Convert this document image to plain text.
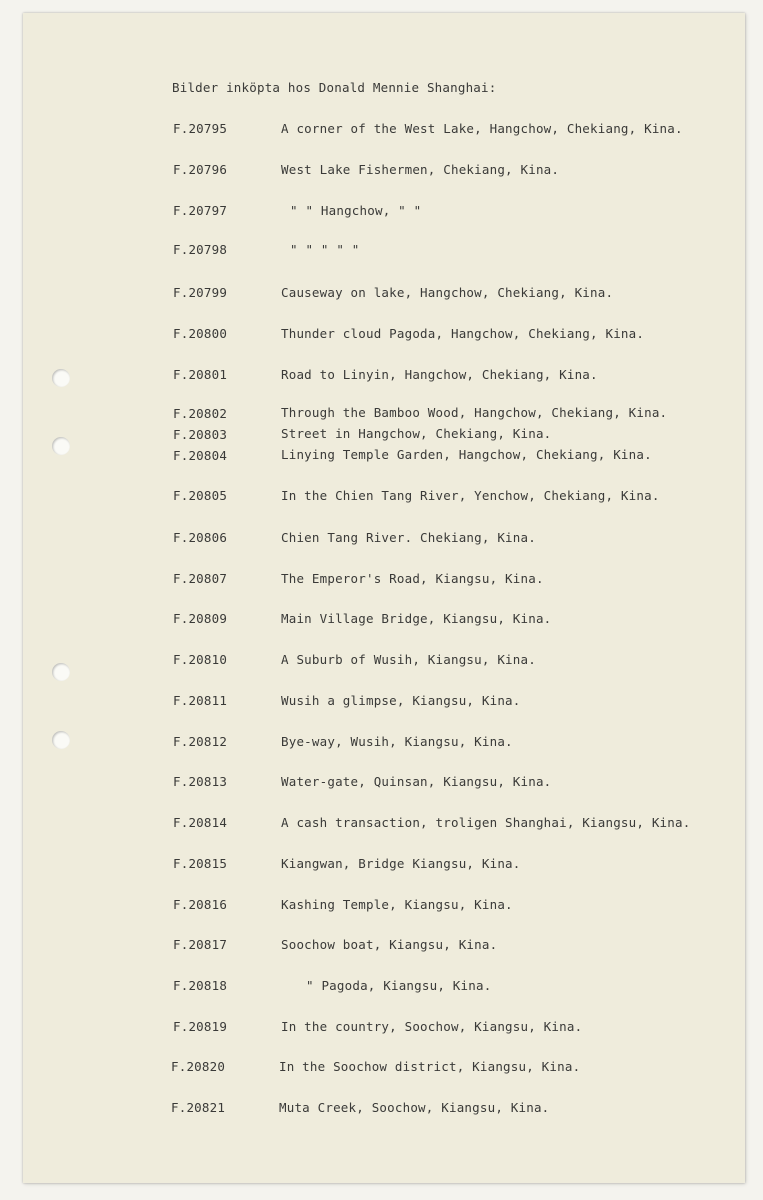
Bilder inköpta hos Donald Mennie Shanghai:
F.20795	A corner of the West Lake, Hangchow, Chekiang, Kina.
F.20796	West Lake Fishermen, Chekiang, Kina.
F.20797	" " Hangchow, " "
F.20798	" " " " "
F.20799	Causeway on lake, Hangchow, Chekiang, Kina.
F.20800	Thunder cloud Pagoda, Hangchow, Chekiang, Kina.
F.20801	Road to Linyin, Hangchow, Chekiang, Kina.
F.20802	Through the Bamboo Wood, Hangchow, Chekiang, Kina.
F.20803	Street in Hangchow, Chekiang, Kina.
F.20804	Linying Temple Garden, Hangchow, Chekiang, Kina.
F.20805	In the Chien Tang River, Yenchow, Chekiang, Kina.
F.20806	Chien Tang River. Chekiang, Kina.
F.20807	The Emperor's Road, Kiangsu, Kina.
F.20809	Main Village Bridge, Kiangsu, Kina.
F.20810	A Suburb of Wusih, Kiangsu, Kina.
F.20811	Wusih a glimpse, Kiangsu, Kina.
F.20812	Bye-way, Wusih, Kiangsu, Kina.
F.20813	Water-gate, Quinsan, Kiangsu, Kina.
F.20814	A cash transaction, troligen Shanghai, Kiangsu, Kina.
F.20815	Kiangwan, Bridge Kiangsu, Kina.
F.20816	Kashing Temple, Kiangsu, Kina.
F.20817	Soochow boat, Kiangsu, Kina.
F.20818	" Pagoda, Kiangsu, Kina.
F.20819	In the country, Soochow, Kiangsu, Kina.
F.20820	In the Soochow district, Kiangsu, Kina.
F.20821	Muta Creek, Soochow, Kiangsu, Kina.
